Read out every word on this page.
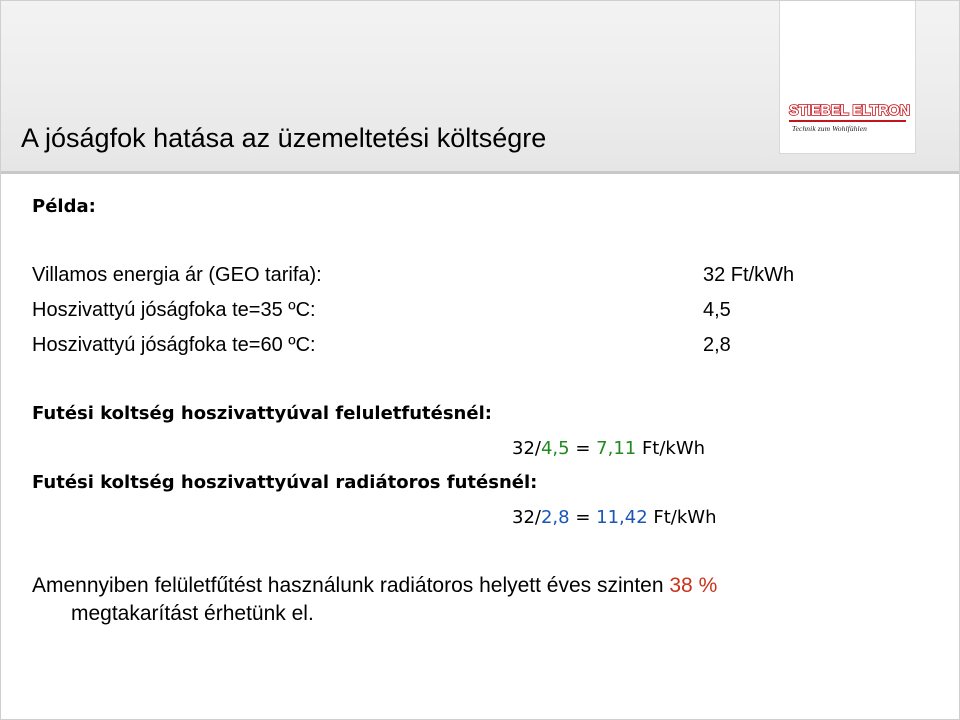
STIEBEL ELTRON
Technik zum Wohlfühlen
A jóságfok hatása az üzemeltetési költségre
Példa:
Villamos energia ár (GEO tarifa):	32 Ft/kWh
Hoszivattyú jóságfoka te=35 ºC:	4,5
Hoszivattyú jóságfoka te=60 ºC:	2,8
Futési koltség hoszivattyúval feluletfutésnél:
32/4,5 = 7,11 Ft/kWh
Futési koltség hoszivattyúval radiátoros futésnél:
32/2,8 = 11,42 Ft/kWh
Amennyiben felületfűtést használunk radiátoros helyett éves szinten 38 %
megtakarítást érhetünk el.
